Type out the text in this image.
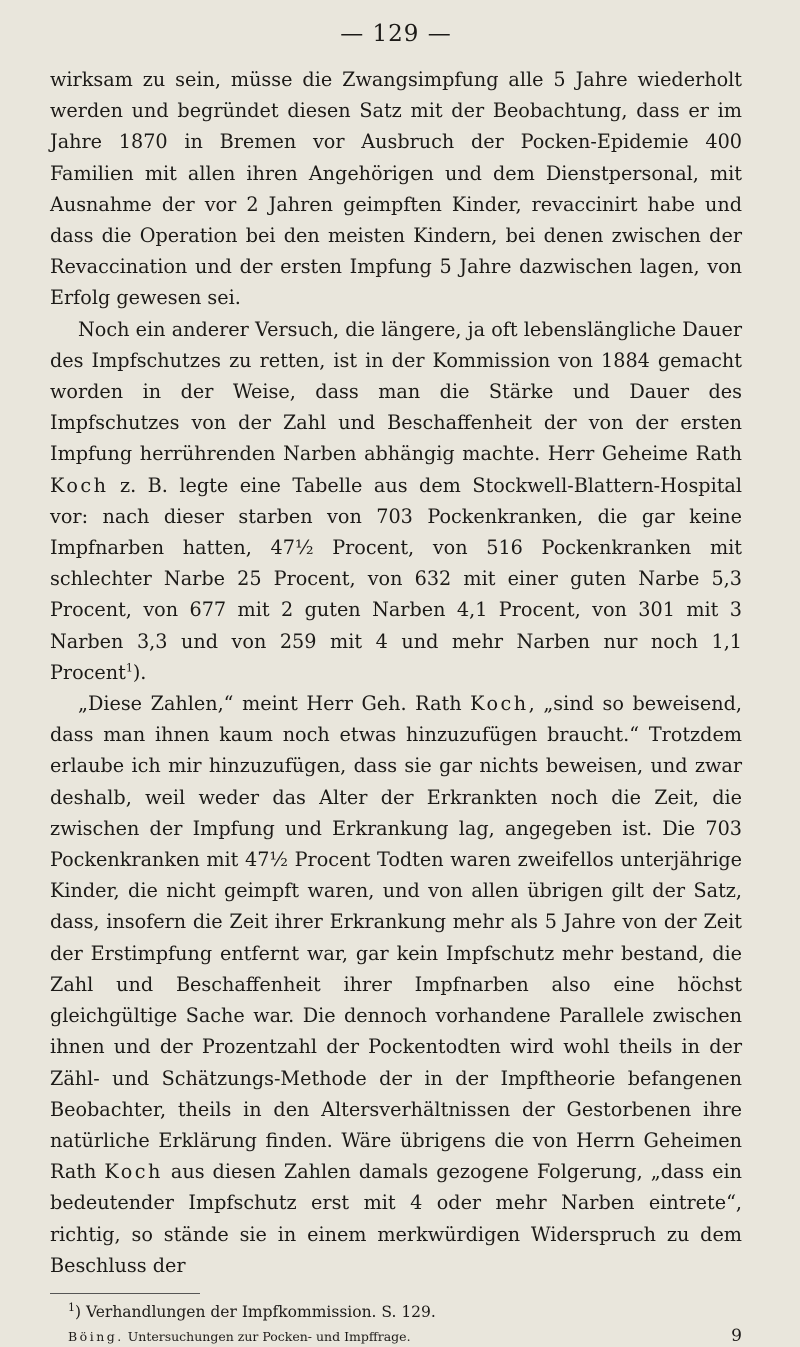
— 129 —

wirksam zu sein, müsse die Zwangsimpfung alle 5 Jahre wiederholt werden und begründet diesen Satz mit der Beobachtung, dass er im Jahre 1870 in Bremen vor Ausbruch der Pocken-Epidemie 400 Familien mit allen ihren Angehörigen und dem Dienstpersonal, mit Ausnahme der vor 2 Jahren geimpften Kinder, revaccinirt habe und dass die Operation bei den meisten Kindern, bei denen zwischen der Revaccination und der ersten Impfung 5 Jahre dazwischen lagen, von Erfolg gewesen sei.

Noch ein anderer Versuch, die längere, ja oft lebenslängliche Dauer des Impfschutzes zu retten, ist in der Kommission von 1884 gemacht worden in der Weise, dass man die Stärke und Dauer des Impfschutzes von der Zahl und Beschaffenheit der von der ersten Impfung herrührenden Narben abhängig machte. Herr Geheime Rath Koch z. B. legte eine Tabelle aus dem Stockwell-Blattern-Hospital vor: nach dieser starben von 703 Pockenkranken, die gar keine Impfnarben hatten, 47½ Procent, von 516 Pockenkranken mit schlechter Narbe 25 Procent, von 632 mit einer guten Narbe 5,3 Procent, von 677 mit 2 guten Narben 4,1 Procent, von 301 mit 3 Narben 3,3 und von 259 mit 4 und mehr Narben nur noch 1,1 Procent$^1$).

„Diese Zahlen,“ meint Herr Geh. Rath Koch, „sind so beweisend, dass man ihnen kaum noch etwas hinzuzufügen braucht.“ Trotzdem erlaube ich mir hinzuzufügen, dass sie gar nichts beweisen, und zwar deshalb, weil weder das Alter der Erkrankten noch die Zeit, die zwischen der Impfung und Erkrankung lag, angegeben ist. Die 703 Pockenkranken mit 47½ Procent Todten waren zweifellos unterjährige Kinder, die nicht geimpft waren, und von allen übrigen gilt der Satz, dass, insofern die Zeit ihrer Erkrankung mehr als 5 Jahre von der Zeit der Erstimpfung entfernt war, gar kein Impfschutz mehr bestand, die Zahl und Beschaffenheit ihrer Impfnarben also eine höchst gleichgültige Sache war. Die dennoch vorhandene Parallele zwischen ihnen und der Prozentzahl der Pockentodten wird wohl theils in der Zähl- und Schätzungs-Methode der in der Impftheorie befangenen Beobachter, theils in den Altersverhältnissen der Gestorbenen ihre natürliche Erklärung finden. Wäre übrigens die von Herrn Geheimen Rath Koch aus diesen Zahlen damals gezogene Folgerung, „dass ein bedeutender Impfschutz erst mit 4 oder mehr Narben eintrete“, richtig, so stände sie in einem merkwürdigen Widerspruch zu dem Beschluss der

$^1$) Verhandlungen der Impfkommission. S. 129.
Böing. Untersuchungen zur Pocken- und Impffrage.	9
